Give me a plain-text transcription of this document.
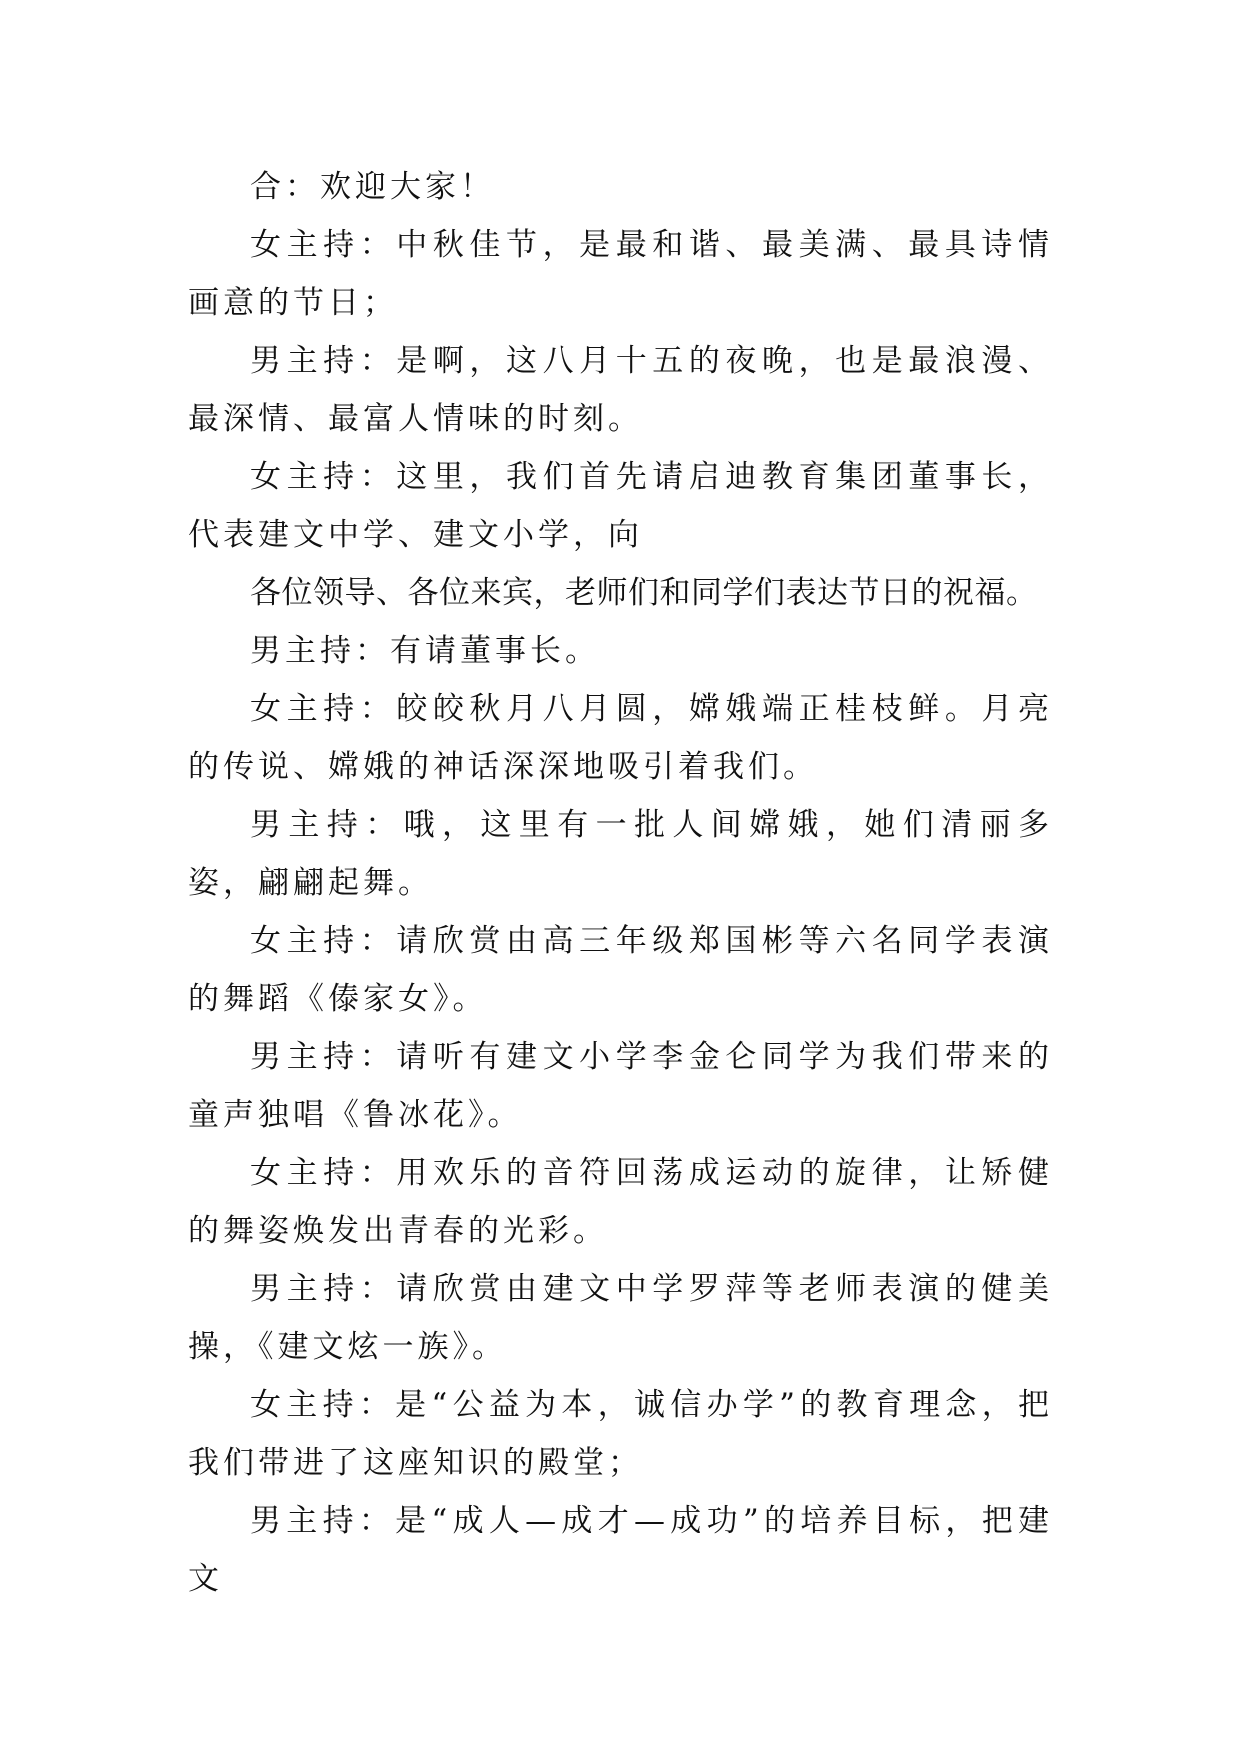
合：欢迎大家！

女主持：中秋佳节，是最和谐、最美满、最具诗情画意的节日；

男主持：是啊，这八月十五的夜晚，也是最浪漫、最深情、最富人情味的时刻。

女主持：这里，我们首先请启迪教育集团董事长，代表建文中学、建文小学，向

各位领导、各位来宾，老师们和同学们表达节日的祝福。

男主持：有请董事长。

女主持：皎皎秋月八月圆，嫦娥端正桂枝鲜。月亮的传说、嫦娥的神话深深地吸引着我们。

男主持：哦，这里有一批人间嫦娥，她们清丽多姿，翩翩起舞。

女主持：请欣赏由高三年级郑国彬等六名同学表演的舞蹈《傣家女》。

男主持：请听有建文小学李金仑同学为我们带来的童声独唱《鲁冰花》。

女主持：用欢乐的音符回荡成运动的旋律，让矫健的舞姿焕发出青春的光彩。

男主持：请欣赏由建文中学罗萍等老师表演的健美操，《建文炫一族》。

女主持：是“公益为本，诚信办学”的教育理念，把我们带进了这座知识的殿堂；

男主持：是“成人—成才—成功”的培养目标，把建文
